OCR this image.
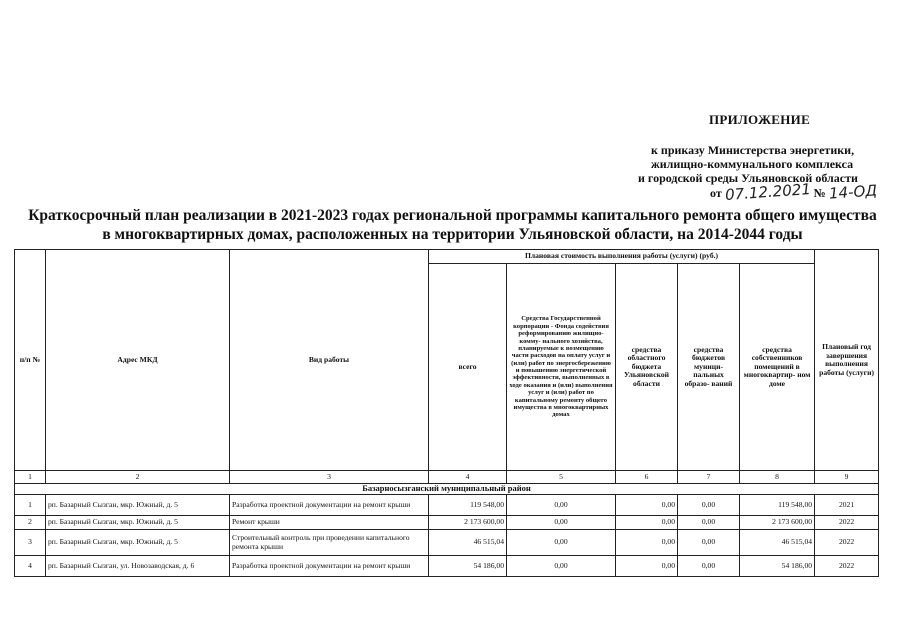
ПРИЛОЖЕНИЕ
к приказу Министерства энергетики,
жилищно-коммунального комплекса
и городской среды Ульяновской области
от 07.12.2021 № 14-ОД
Краткосрочный план реализации в 2021-2023 годах региональной программы капитального ремонта общего имущества
в многоквартирных домах, расположенных на территории Ульяновской области, на 2014-2044 годы
п/п №	Адрес МКД	Вид работы	Плановая стоимость выполнения работы (услуги) (руб.)					Плановый год завершения выполнения работы (услуги)
			всего	Средства Государственной корпорации - Фонда содействия реформированию жилищно-комму- нального хозяйства, планируемые к возмещению части расходов на оплату услуг и (или) работ по энергосбережению и повышению энергетической эффективности, выполненных в ходе оказания и (или) выполнения услуг и (или) работ по капитальному ремонту общего имущества в многоквартирных домах	средства областного бюджета Ульяновской области	средства бюджетов муници- пальных образо- ваний	средства собственников помещений в многоквартир- ном доме	
1	2	3	4	5	6	7	8	9
Базарносызганский муниципальный район								
1	рп. Базарный Сызган, мкр. Южный, д. 5	Разработка проектной документации на ремонт крыши	119 548,00	0,00	0,00	0,00	119 548,00	2021
2	рп. Базарный Сызган, мкр. Южный, д. 5	Ремонт крыши	2 173 600,00	0,00	0,00	0,00	2 173 600,00	2022
3	рп. Базарный Сызган, мкр. Южный, д. 5	Строительный контроль при проведении капитального ремонта крыши	46 515,04	0,00	0,00	0,00	46 515,04	2022
4	рп. Базарный Сызган, ул. Новозаводская, д. 6	Разработка проектной документации на ремонт крыши	54 186,00	0,00	0,00	0,00	54 186,00	2022
